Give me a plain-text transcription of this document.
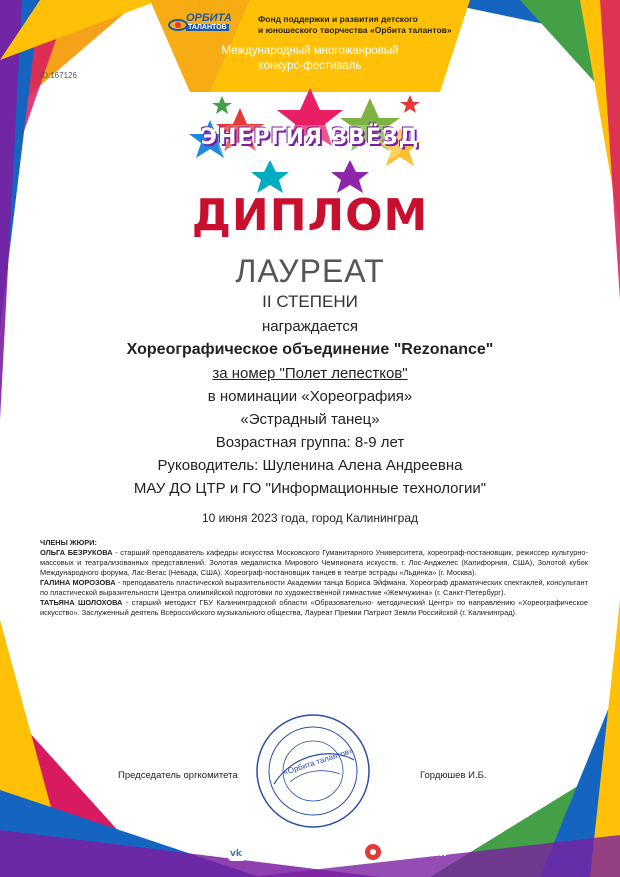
ОРБИТА
ТАЛАНТОВ
Фонд поддержки и развития детского
и юношеского творчества «Орбита талантов»
Международный многожанровый
конкурс-фестиваль
ID:167126
ЭНЕРГИЯ ЗВЁЗД
ДИПЛОМ
ЛАУРЕАТ
II СТЕПЕНИ
награждается
Хореографическое объединение "Rezonance"
за номер "Полет лепестков"
в номинации «Хореография»
«Эстрадный танец»
Возрастная группа: 8-9 лет
Руководитель: Шуленина Алена Андреевна
МАУ ДО ЦТР и ГО "Информационные технологии"
10 июня 2023 года, город Калининград
ЧЛЕНЫ ЖЮРИ:
ОЛЬГА БЕЗРУКОВА - старший преподаватель кафедры искусства Московского Гуманитарного Университета, хореограф-постановщик, режиссер культурно-массовых и театрализованных представлений. Золотая медалистка Мирового Чемпионата искусств, г. Лос-Анджелес (Калифорния, США), Золотой кубок Международного форума, Лас-Вегас (Невада, США). Хореограф-постановщик танцев в театре эстрады «Льдинка» (г. Москва).
ГАЛИНА МОРОЗОВА - преподаватель пластической выразительности Академии танца Бориса Эйфмана. Хореограф драматических спектаклей, консультант по пластической выразительности Центра олимпийской подготовки по художественной гимнастике «Жемчужина» (г. Санкт-Петербург).
ТАТЬЯНА ШОЛОХОВА - старший методист ГБУ Калининградской области «Образовательно- методический Центр» по направлению «Хореографическое искусство». Заслуженный деятель Всероссийского музыкального общества, Лауреат Премии Патриот Земли Российской (г. Калининград).
Председатель оргкомитета	Гордюшев И.Б.
«Орбита талантов»
vk vk.com/bkfest_ru	orbitafest.tv
